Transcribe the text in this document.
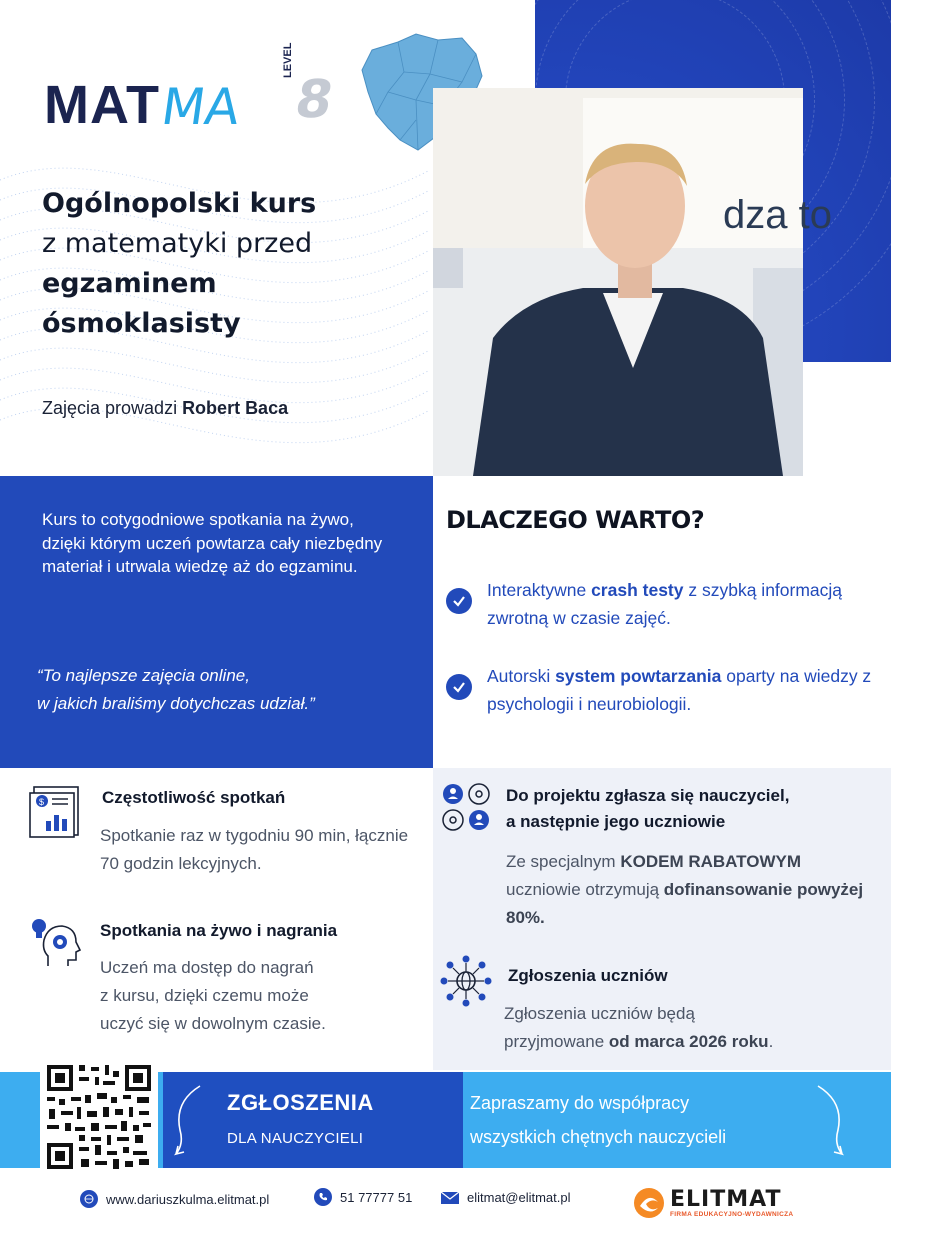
MAT
MA
LEVEL
8
dza to
Ogólnopolski kurs
z matematyki przed
egzaminem
ósmoklasisty
Zajęcia prowadzi Robert Baca
Kurs to cotygodniowe spotkania na żywo, dzięki którym uczeń powtarza cały niezbędny materiał i utrwala wiedzę aż do egzaminu.
“To najlepsze zajęcia online,
w jakich braliśmy dotychczas udział.”
DLACZEGO WARTO?
Interaktywne crash testy z szybką informacją zwrotną w czasie zajęć.
Autorski system powtarzania oparty na wiedzy z psychologii i neurobiologii.
$	Częstotliwość spotkań
Spotkanie raz w tygodniu 90 min, łącznie 70 godzin lekcyjnych.
Spotkania na żywo i nagrania
Uczeń ma dostęp do nagrań
z kursu, dzięki czemu może
uczyć się w dowolnym czasie.
Do projektu zgłasza się nauczyciel,
a następnie jego uczniowie
Ze specjalnym KODEM RABATOWYM uczniowie otrzymują dofinansowanie powyżej 80%.
Zgłoszenia uczniów
Zgłoszenia uczniów będą
przyjmowane od marca 2026 roku.
ZGŁOSZENIA
DLA NAUCZYCIELI
Zapraszamy do współpracy
wszystkich chętnych nauczycieli
www.dariuszkulma.elitmat.pl	51 77777 51	elitmat@elitmat.pl	ELITMAT
FIRMA EDUKACYJNO-WYDAWNICZA
